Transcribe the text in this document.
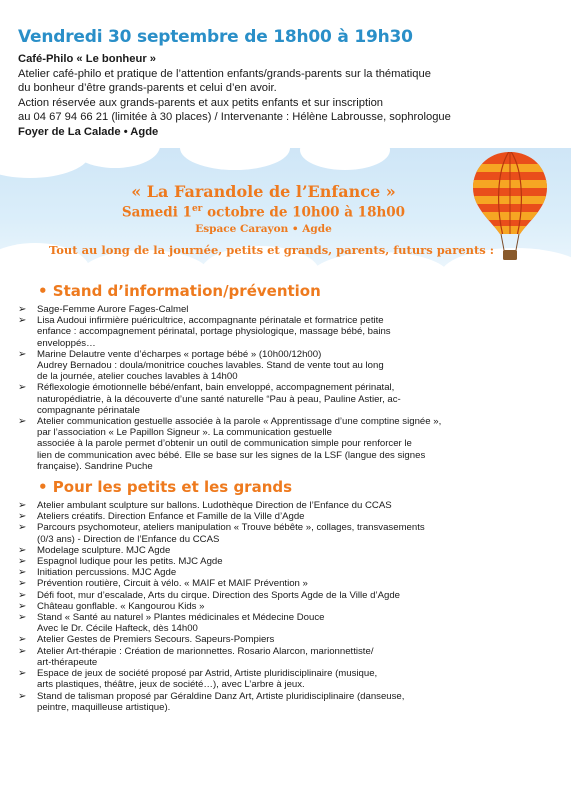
Vendredi 30 septembre de 18h00 à 19h30

Café-Philo « Le bonheur »

Atelier café-philo et pratique de l’attention enfants/grands-parents sur la thématique

du bonheur d’être grands-parents et celui d’en avoir.

Action réservée aux grands-parents et aux petits enfants et sur inscription

au 04 67 94 66 21 (limitée à 30 places) / Intervenante : Hélène Labrousse, sophrologue

Foyer de La Calade • Agde

« La Farandole de l’Enfance »

Samedi 1er octobre de 10h00 à 18h00

Espace Carayon • Agde

Tout au long de la journée, petits et grands, parents, futurs parents :

• Stand d’information/prévention

➢ Sage-Femme Aurore Fages-Calmel
➢ Lisa Audoui infirmière puéricultrice, accompagnante périnatale et formatrice petite
enfance : accompagnement périnatal, portage physiologique, massage bébé, bains
enveloppés…
➢ Marine Delautre vente d’écharpes « portage bébé » (10h00/12h00)
Audrey Bernadou : doula/monitrice couches lavables. Stand de vente tout au long
de la journée, atelier couches lavables à 14h00
➢ Réflexologie émotionnelle bébé/enfant, bain enveloppé, accompagnement périnatal,
naturopédiatrie, à la découverte d’une santé naturelle “Pau à peau, Pauline Astier, ac-
compagnante périnatale
➢ Atelier communication gestuelle associée à la parole « Apprentissage d’une comptine signée »,
par l’association « Le Papillon Signeur ». La communication gestuelle
associée à la parole permet d’obtenir un outil de communication simple pour renforcer le
lien de communication avec bébé. Elle se base sur les signes de la LSF (langue des signes
française). Sandrine Puche

• Pour les petits et les grands

➢ Atelier ambulant sculpture sur ballons. Ludothèque Direction de l’Enfance du CCAS
➢ Ateliers créatifs. Direction Enfance et Famille de la Ville d’Agde
➢ Parcours psychomoteur, ateliers manipulation « Trouve bébête », collages, transvasements
(0/3 ans) - Direction de l’Enfance du CCAS
➢ Modelage sculpture. MJC Agde
➢ Espagnol ludique pour les petits. MJC Agde
➢ Initiation percussions. MJC Agde
➢ Prévention routière, Circuit à vélo. « MAIF et MAIF Prévention »
➢ Défi foot, mur d’escalade, Arts du cirque. Direction des Sports Agde de la Ville d’Agde
➢ Château gonflable. « Kangourou Kids »
➢ Stand « Santé au naturel » Plantes médicinales et Médecine Douce
Avec le Dr. Cécile Hafteck, dès 14h00
➢ Atelier Gestes de Premiers Secours. Sapeurs-Pompiers
➢ Atelier Art-thérapie : Création de marionnettes. Rosario Alarcon, marionnettiste/
art-thérapeute
➢ Espace de jeux de société proposé par Astrid, Artiste pluridisciplinaire (musique,
arts plastiques, théâtre, jeux de société…), avec L’arbre à jeux.
➢ Stand de talisman proposé par Géraldine Danz Art, Artiste pluridisciplinaire (danseuse,
peintre, maquilleuse artistique).
